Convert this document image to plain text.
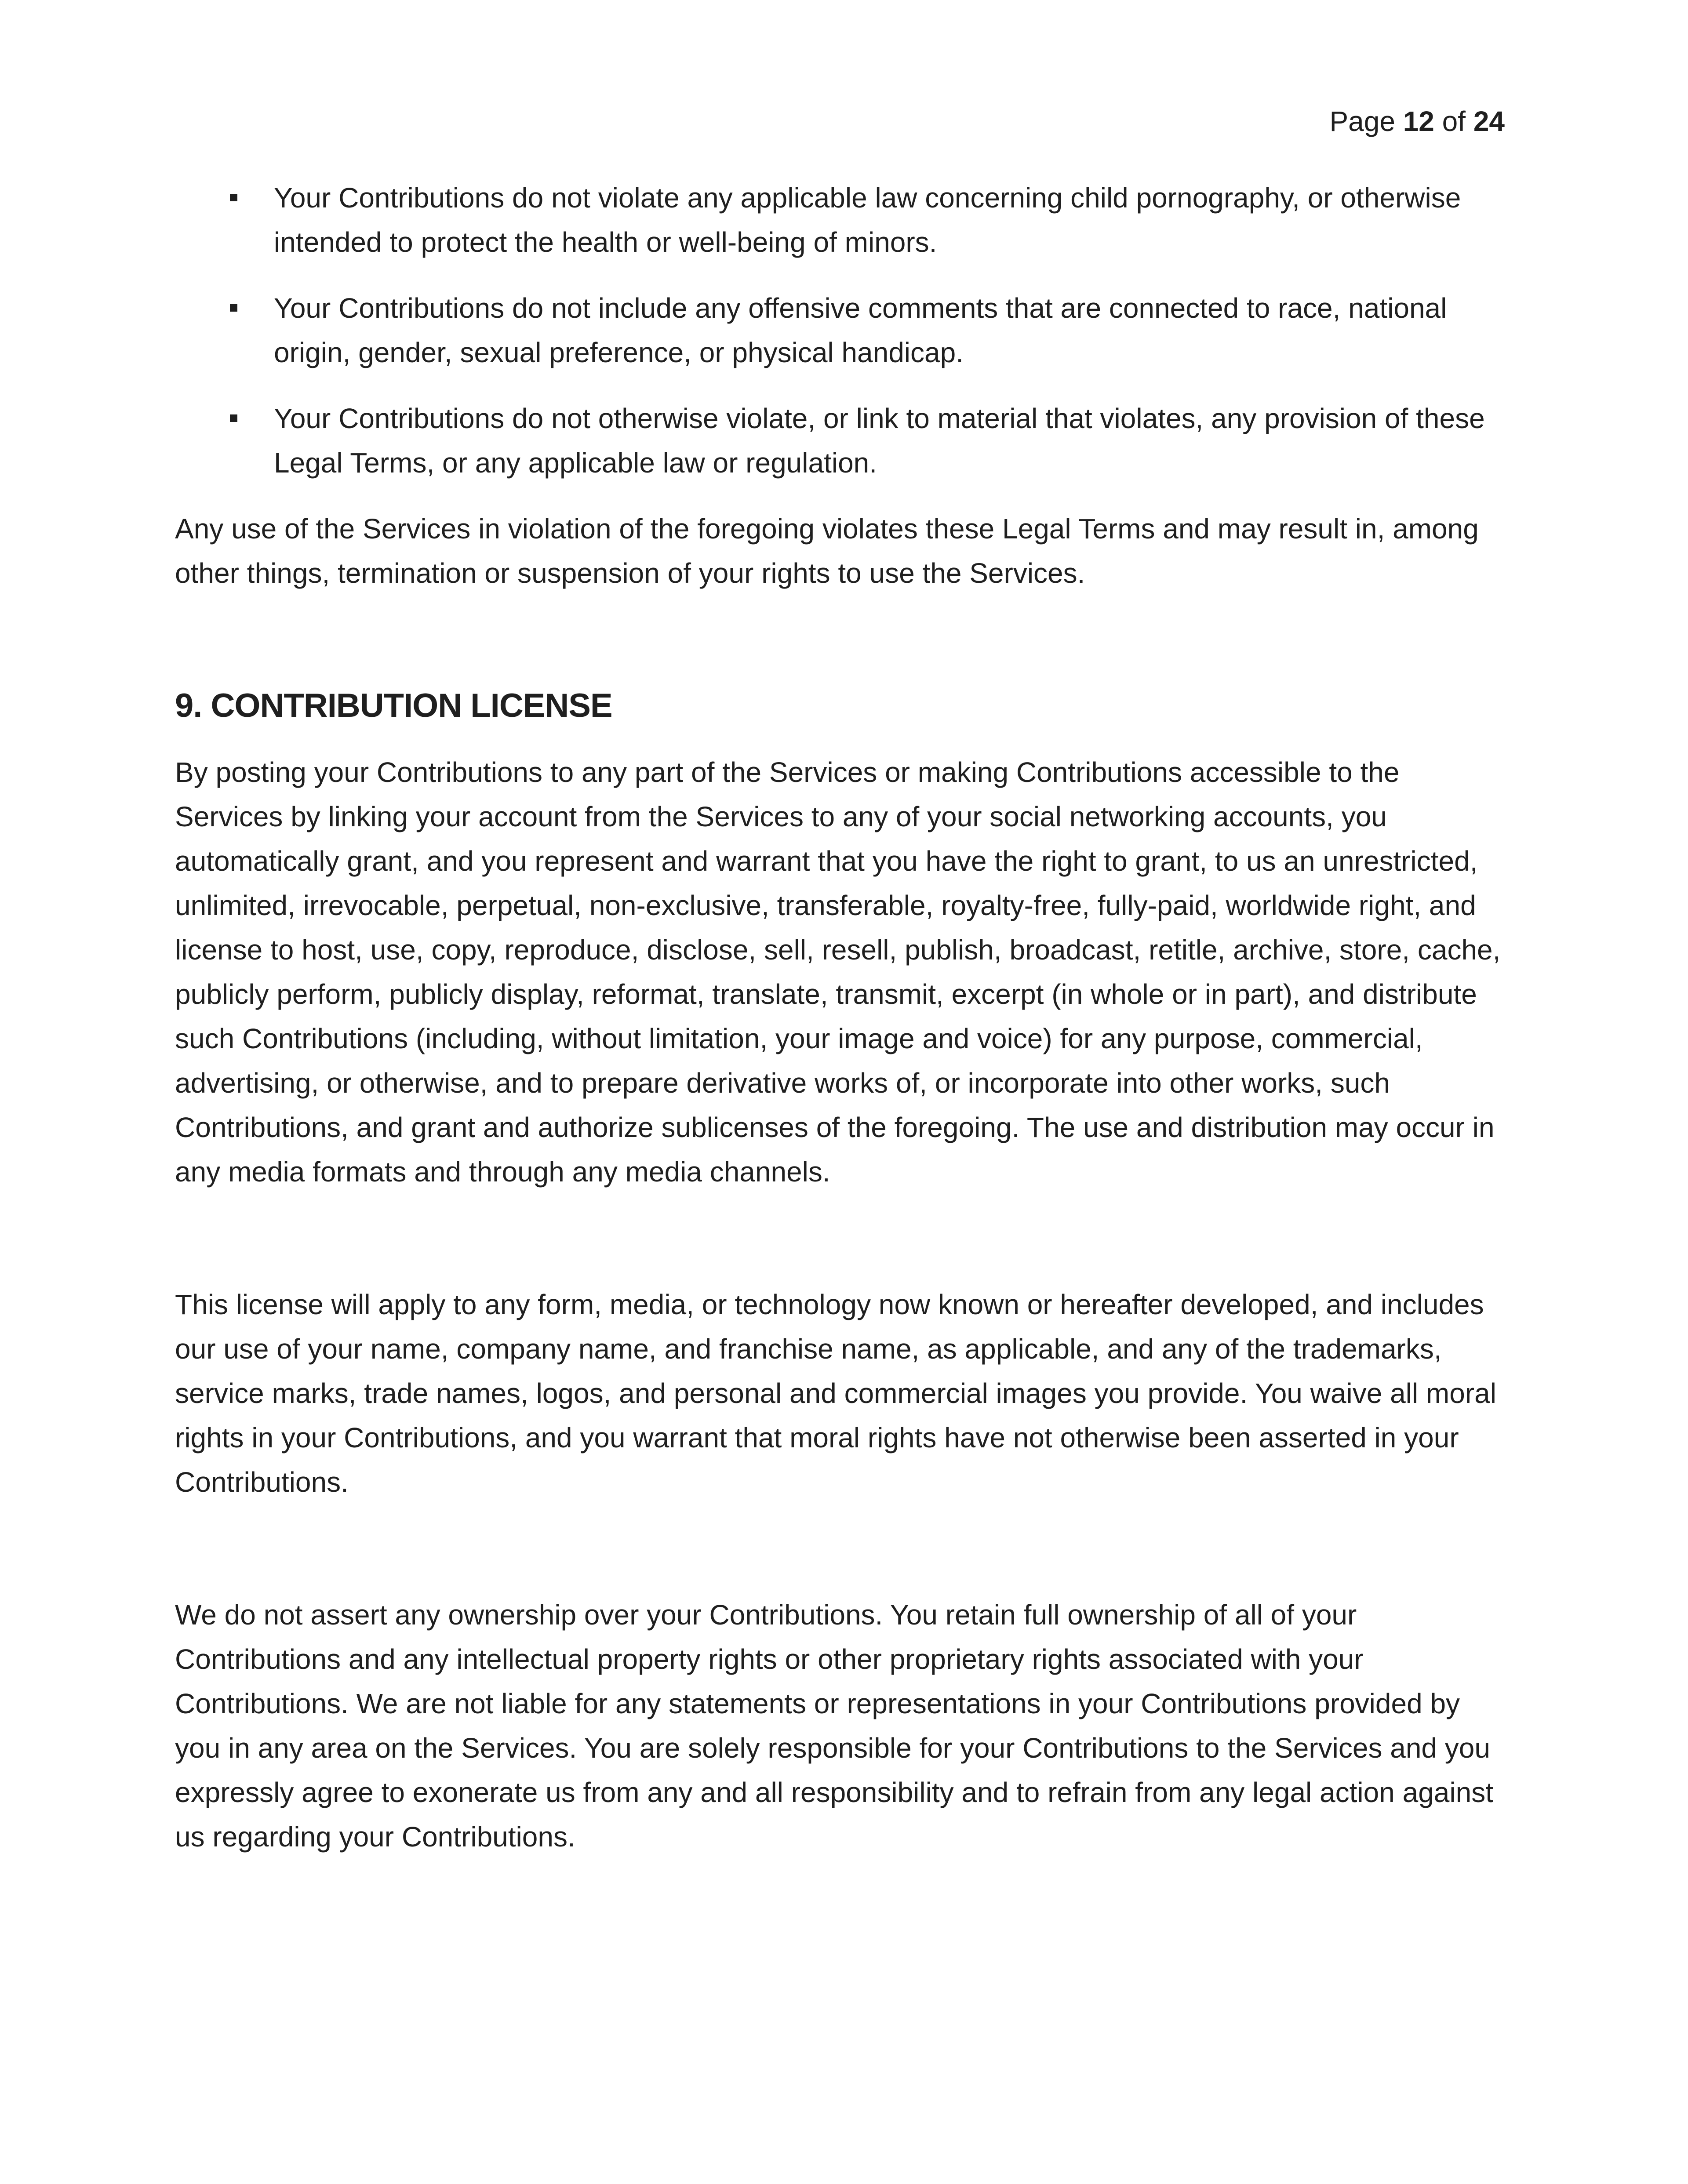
Page 12 of 24
Your Contributions do not violate any applicable law concerning child pornography, or otherwise intended to protect the health or well-being of minors.
Your Contributions do not include any offensive comments that are connected to race, national origin, gender, sexual preference, or physical handicap.
Your Contributions do not otherwise violate, or link to material that violates, any provision of these Legal Terms, or any applicable law or regulation.

Any use of the Services in violation of the foregoing violates these Legal Terms and may result in, among other things, termination or suspension of your rights to use the Services.

9. CONTRIBUTION LICENSE

By posting your Contributions to any part of the Services or making Contributions accessible to the Services by linking your account from the Services to any of your social networking accounts, you automatically grant, and you represent and warrant that you have the right to grant, to us an unrestricted, unlimited, irrevocable, perpetual, non-exclusive, transferable, royalty-free, fully-paid, worldwide right, and license to host, use, copy, reproduce, disclose, sell, resell, publish, broadcast, retitle, archive, store, cache, publicly perform, publicly display, reformat, translate, transmit, excerpt (in whole or in part), and distribute such Contributions (including, without limitation, your image and voice) for any purpose, commercial, advertising, or otherwise, and to prepare derivative works of, or incorporate into other works, such Contributions, and grant and authorize sublicenses of the foregoing. The use and distribution may occur in any media formats and through any media channels.

This license will apply to any form, media, or technology now known or hereafter developed, and includes our use of your name, company name, and franchise name, as applicable, and any of the trademarks, service marks, trade names, logos, and personal and commercial images you provide. You waive all moral rights in your Contributions, and you warrant that moral rights have not otherwise been asserted in your Contributions.

We do not assert any ownership over your Contributions. You retain full ownership of all of your Contributions and any intellectual property rights or other proprietary rights associated with your Contributions. We are not liable for any statements or representations in your Contributions provided by you in any area on the Services. You are solely responsible for your Contributions to the Services and you expressly agree to exonerate us from any and all responsibility and to refrain from any legal action against us regarding your Contributions.
